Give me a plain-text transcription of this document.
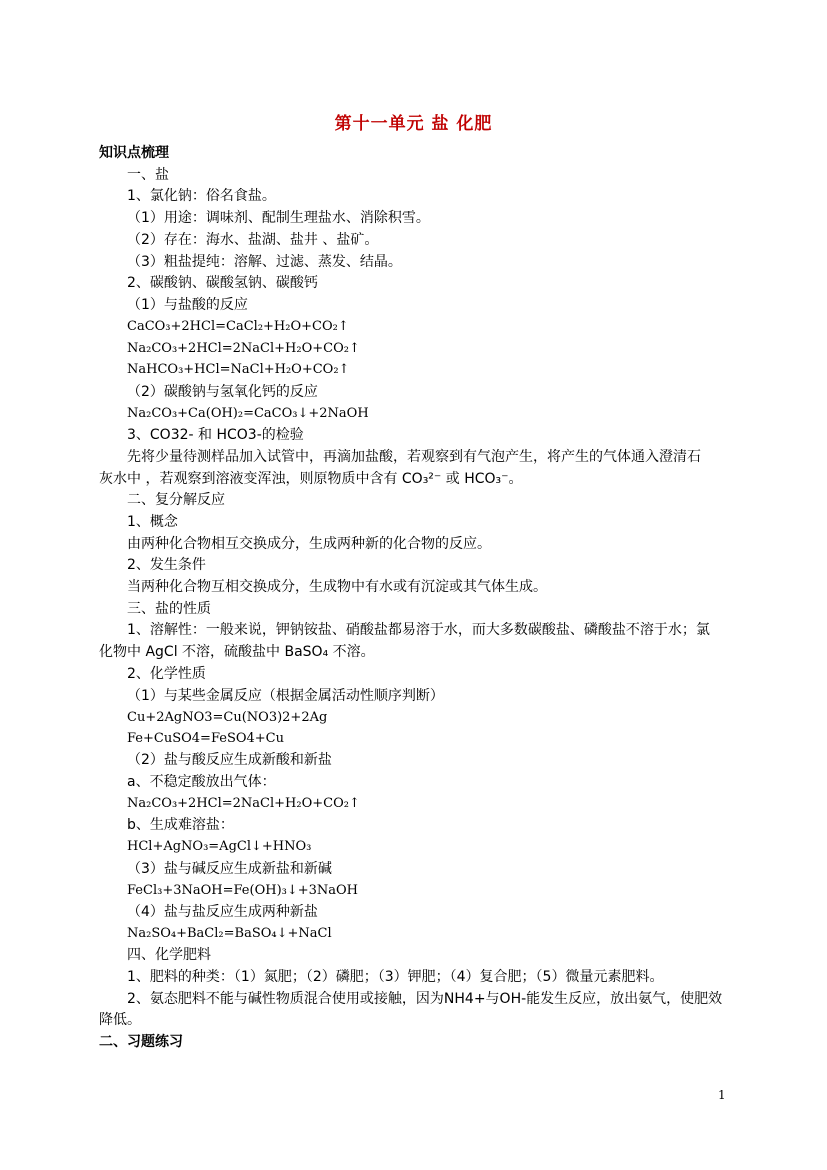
第十一单元 盐 化肥
知识点梳理
一、盐
1、氯化钠：俗名食盐。
（1）用途：调味剂、配制生理盐水、消除积雪。
（2）存在：海水、盐湖、盐井 、盐矿。
（3）粗盐提纯：溶解、过滤、蒸发、结晶。
2、碳酸钠、碳酸氢钠、碳酸钙
（1）与盐酸的反应
CaCO₃+2HCl=CaCl₂+H₂O+CO₂↑
Na₂CO₃+2HCl=2NaCl+H₂O+CO₂↑
NaHCO₃+HCl=NaCl+H₂O+CO₂↑
（2）碳酸钠与氢氧化钙的反应
Na₂CO₃+Ca(OH)₂=CaCO₃↓+2NaOH
3、CO32- 和 HCO3-的检验
先将少量待测样品加入试管中，再滴加盐酸，若观察到有气泡产生，将产生的气体通入澄清石
灰水中 ，若观察到溶液变浑浊，则原物质中含有 CO₃²⁻ 或 HCO₃⁻。
二、复分解反应
1、概念
由两种化合物相互交换成分，生成两种新的化合物的反应。
2、发生条件
当两种化合物互相交换成分，生成物中有水或有沉淀或其气体生成。
三、盐的性质
1、溶解性：一般来说，钾钠铵盐、硝酸盐都易溶于水，而大多数碳酸盐、磷酸盐不溶于水；氯
化物中 AgCl 不溶，硫酸盐中 BaSO₄ 不溶。
2、化学性质
（1）与某些金属反应（根据金属活动性顺序判断）
Cu+2AgNO3=Cu(NO3)2+2Ag
Fe+CuSO4=FeSO4+Cu
（2）盐与酸反应生成新酸和新盐
a、不稳定酸放出气体：
Na₂CO₃+2HCl=2NaCl+H₂O+CO₂↑
b、生成难溶盐：
HCl+AgNO₃=AgCl↓+HNO₃
（3）盐与碱反应生成新盐和新碱
FeCl₃+3NaOH=Fe(OH)₃↓+3NaOH
（4）盐与盐反应生成两种新盐
Na₂SO₄+BaCl₂=BaSO₄↓+NaCl
四、化学肥料
1、肥料的种类：（1）氮肥；（2）磷肥；（3）钾肥；（4）复合肥；（5）微量元素肥料。
2、氨态肥料不能与碱性物质混合使用或接触，因为NH4+与OH-能发生反应，放出氨气，使肥效
降低。
二、习题练习
1
